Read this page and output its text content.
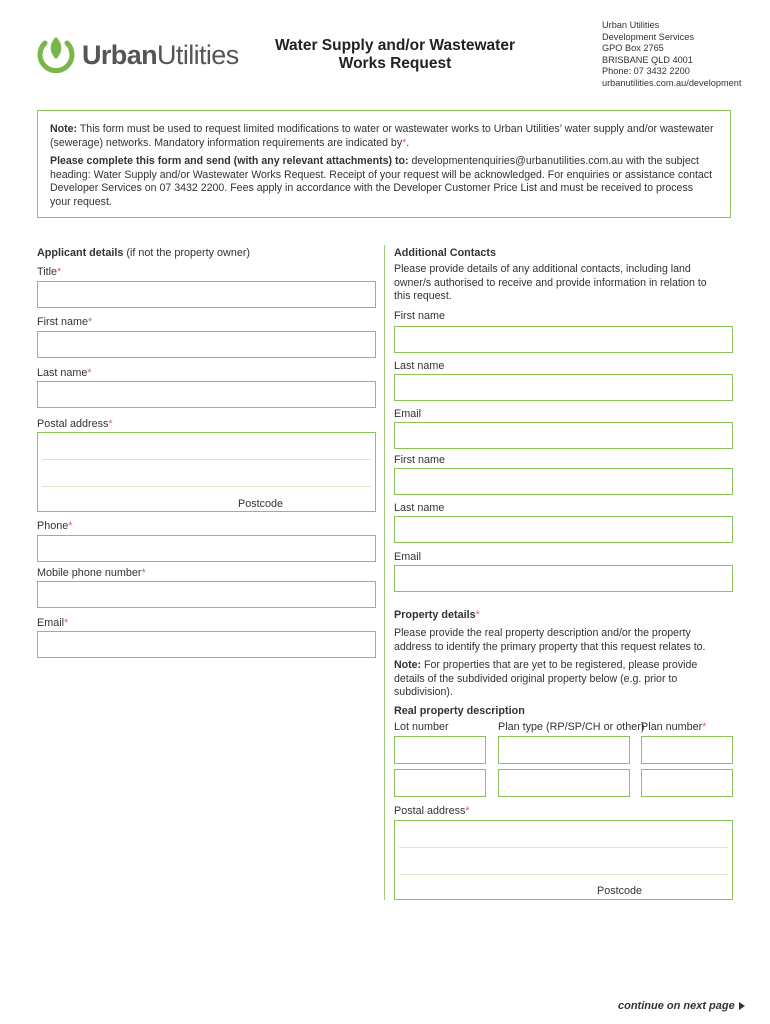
UrbanUtilities	Water Supply and/or Wastewater
Works Request
Urban Utilities
Development Services
GPO Box 2765
BRISBANE QLD 4001
Phone: 07 3432 2200
urbanutilities.com.au/development

Note: This form must be used to request limited modifications to water or wastewater works to Urban Utilities’ water supply and/or wastewater (sewerage) networks. Mandatory information requirements are indicated by*.

Please complete this form and send (with any relevant attachments) to: developmentenquiries@urbanutilities.com.au with the subject heading: Water Supply and/or Wastewater Works Request. Receipt of your request will be acknowledged. For enquiries or assistance contact Developer Services on 07 3432 2200. Fees apply in accordance with the Developer Customer Price List and must be received to process your request.

Applicant details (if not the property owner)
Title*
First name*
Last name*
Postal address*
Postcode
Phone*
Mobile phone number*
Email*
Additional Contacts
Please provide details of any additional contacts, including land owner/s authorised to receive and provide information in relation to this request.
First name
Last name
Email
First name
Last name
Email
Property details*
Please provide the real property description and/or the property address to identify the primary property that this request relates to.
Note: For properties that are yet to be registered, please provide details of the subdivided original property below (e.g. prior to subdivision).
Real property description
Lot number	Plan type (RP/SP/CH or other)
Plan number*
Postal address*
Postcode
continue on next page
